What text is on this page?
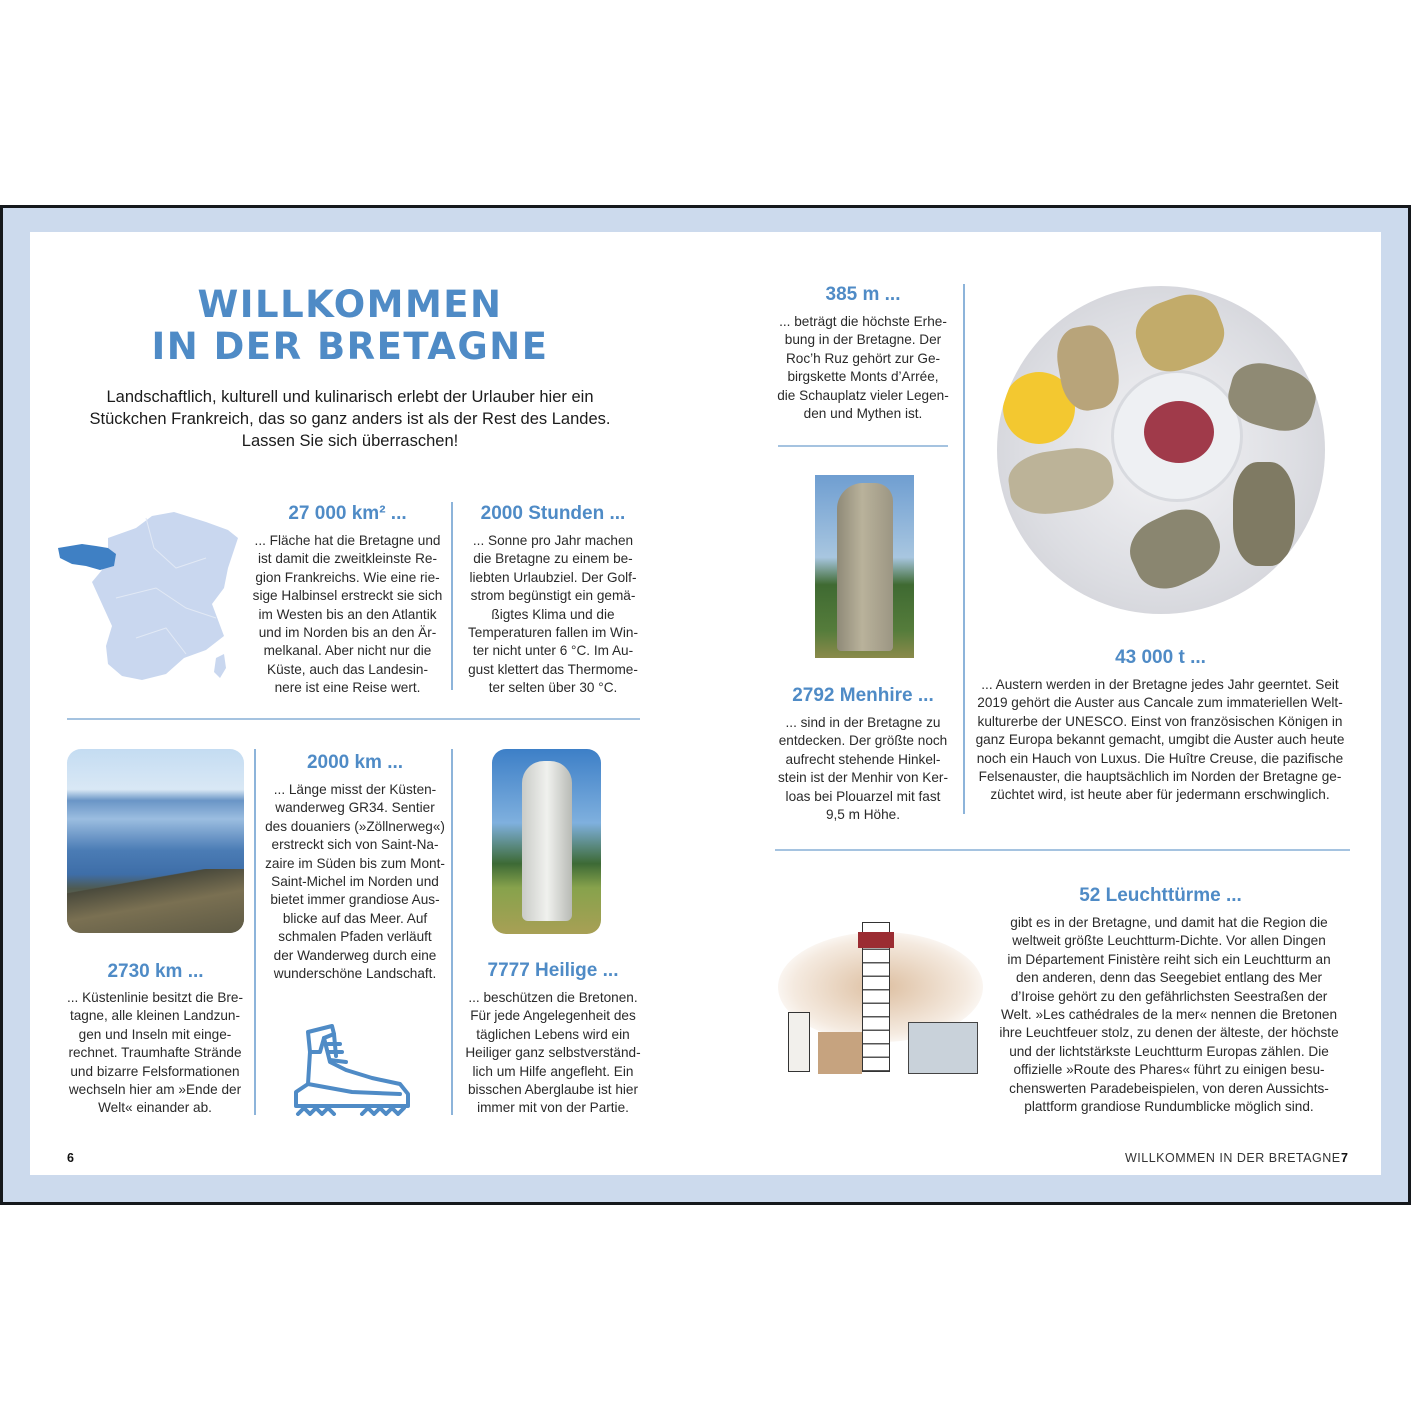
WILLKOMMEN
IN DER BRETAGNE
Landschaftlich, kulturell und kulinarisch erlebt der Urlauber hier ein
Stückchen Frankreich, das so ganz anders ist als der Rest des Landes.
Lassen Sie sich überraschen!
27 000 km² ...
... Fläche hat die Bretagne und
ist damit die zweitkleinste Re-
gion Frankreichs. Wie eine rie-
sige Halbinsel erstreckt sie sich
im Westen bis an den Atlantik
und im Norden bis an den Är-
melkanal. Aber nicht nur die
Küste, auch das Landesin-
nere ist eine Reise wert.
2000 Stunden ...
... Sonne pro Jahr machen
die Bretagne zu einem be-
liebten Urlaubziel. Der Golf-
strom begünstigt ein gemä-
ßigtes Klima und die
Temperaturen fallen im Win-
ter nicht unter 6 °C. Im Au-
gust klettert das Thermome-
ter selten über 30 °C.
2000 km ...
... Länge misst der Küsten-
wanderweg GR34. Sentier
des douaniers (»Zöllnerweg«)
erstreckt sich von Saint-Na-
zaire im Süden bis zum Mont-
Saint-Michel im Norden und
bietet immer grandiose Aus-
blicke auf das Meer. Auf
schmalen Pfaden verläuft
der Wanderweg durch eine
wunderschöne Landschaft.
2730 km ...
... Küstenlinie besitzt die Bre-
tagne, alle kleinen Landzun-
gen und Inseln mit einge-
rechnet. Traumhafte Strände
und bizarre Felsformationen
wechseln hier am »Ende der
Welt« einander ab.
7777 Heilige ...
... beschützen die Bretonen.
Für jede Angelegenheit des
täglichen Lebens wird ein
Heiliger ganz selbstverständ-
lich um Hilfe angefleht. Ein
bisschen Aberglaube ist hier
immer mit von der Partie.
6
385 m ...
... beträgt die höchste Erhe-
bung in der Bretagne. Der
Roc’h Ruz gehört zur Ge-
birgskette Monts d’Arrée,
die Schauplatz vieler Legen-
den und Mythen ist.
2792 Menhire ...
... sind in der Bretagne zu
entdecken. Der größte noch
aufrecht stehende Hinkel-
stein ist der Menhir von Ker-
loas bei Plouarzel mit fast
9,5 m Höhe.
43 000 t ...
... Austern werden in der Bretagne jedes Jahr geerntet. Seit
2019 gehört die Auster aus Cancale zum immateriellen Welt-
kulturerbe der UNESCO. Einst von französischen Königen in
ganz Europa bekannt gemacht, umgibt die Auster auch heute
noch ein Hauch von Luxus. Die Huître Creuse, die pazifische
Felsenauster, die hauptsächlich im Norden der Bretagne ge-
züchtet wird, ist heute aber für jedermann erschwinglich.
52 Leuchttürme ...
gibt es in der Bretagne, und damit hat die Region die
weltweit größte Leuchtturm-Dichte. Vor allen Dingen
im Département Finistère reiht sich ein Leuchtturm an
den anderen, denn das Seegebiet entlang des Mer
d’Iroise gehört zu den gefährlichsten Seestraßen der
Welt. »Les cathédrales de la mer« nennen die Bretonen
ihre Leuchtfeuer stolz, zu denen der älteste, der höchste
und der lichtstärkste Leuchtturm Europas zählen. Die
offizielle »Route des Phares« führt zu einigen besu-
chenswerten Paradebeispielen, von deren Aussichts-
plattform grandiose Rundumblicke möglich sind.
WILLKOMMEN IN DER BRETAGNE 7
